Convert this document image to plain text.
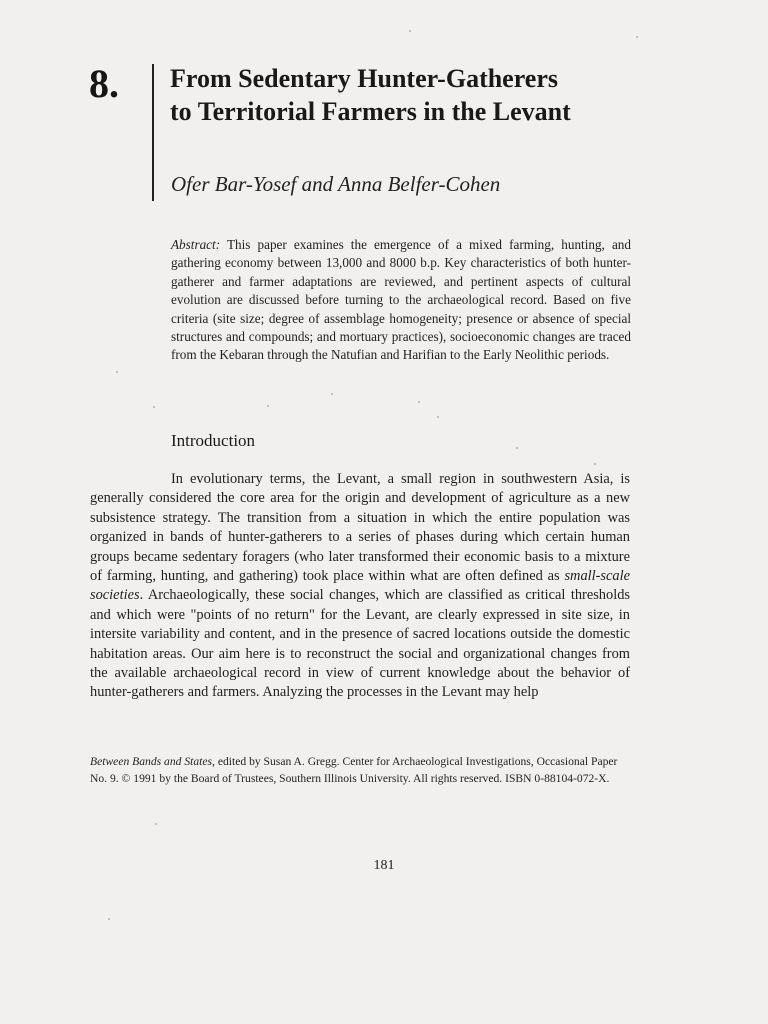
8. From Sedentary Hunter-Gatherers
to Territorial Farmers in the Levant
Ofer Bar-Yosef and Anna Belfer-Cohen

Abstract: This paper examines the emergence of a mixed farming, hunting, and gathering economy between 13,000 and 8000 b.p. Key characteristics of both hunter-gatherer and farmer adaptations are reviewed, and pertinent aspects of cultural evolution are discussed before turning to the archaeological record. Based on five criteria (site size; degree of assemblage homogeneity; presence or absence of special structures and compounds; and mortuary practices), socioeconomic changes are traced from the Kebaran through the Natufian and Harifian to the Early Neolithic periods.

Introduction

In evolutionary terms, the Levant, a small region in southwestern Asia, is generally considered the core area for the origin and development of agriculture as a new subsistence strategy. The transition from a situation in which the entire population was organized in bands of hunter-gatherers to a series of phases during which certain human groups became sedentary foragers (who later transformed their economic basis to a mixture of farming, hunting, and gathering) took place within what are often defined as small-scale societies. Archaeologically, these social changes, which are classified as critical thresholds and which were "points of no return" for the Levant, are clearly expressed in site size, in intersite variability and content, and in the presence of sacred locations outside the domestic habitation areas. Our aim here is to reconstruct the social and organizational changes from the available archaeological record in view of current knowledge about the behavior of hunter-gatherers and farmers. Analyzing the processes in the Levant may help

Between Bands and States, edited by Susan A. Gregg. Center for Archaeological Investigations, Occasional Paper No. 9. © 1991 by the Board of Trustees, Southern Illinois University. All rights reserved. ISBN 0-88104-072-X.

181
